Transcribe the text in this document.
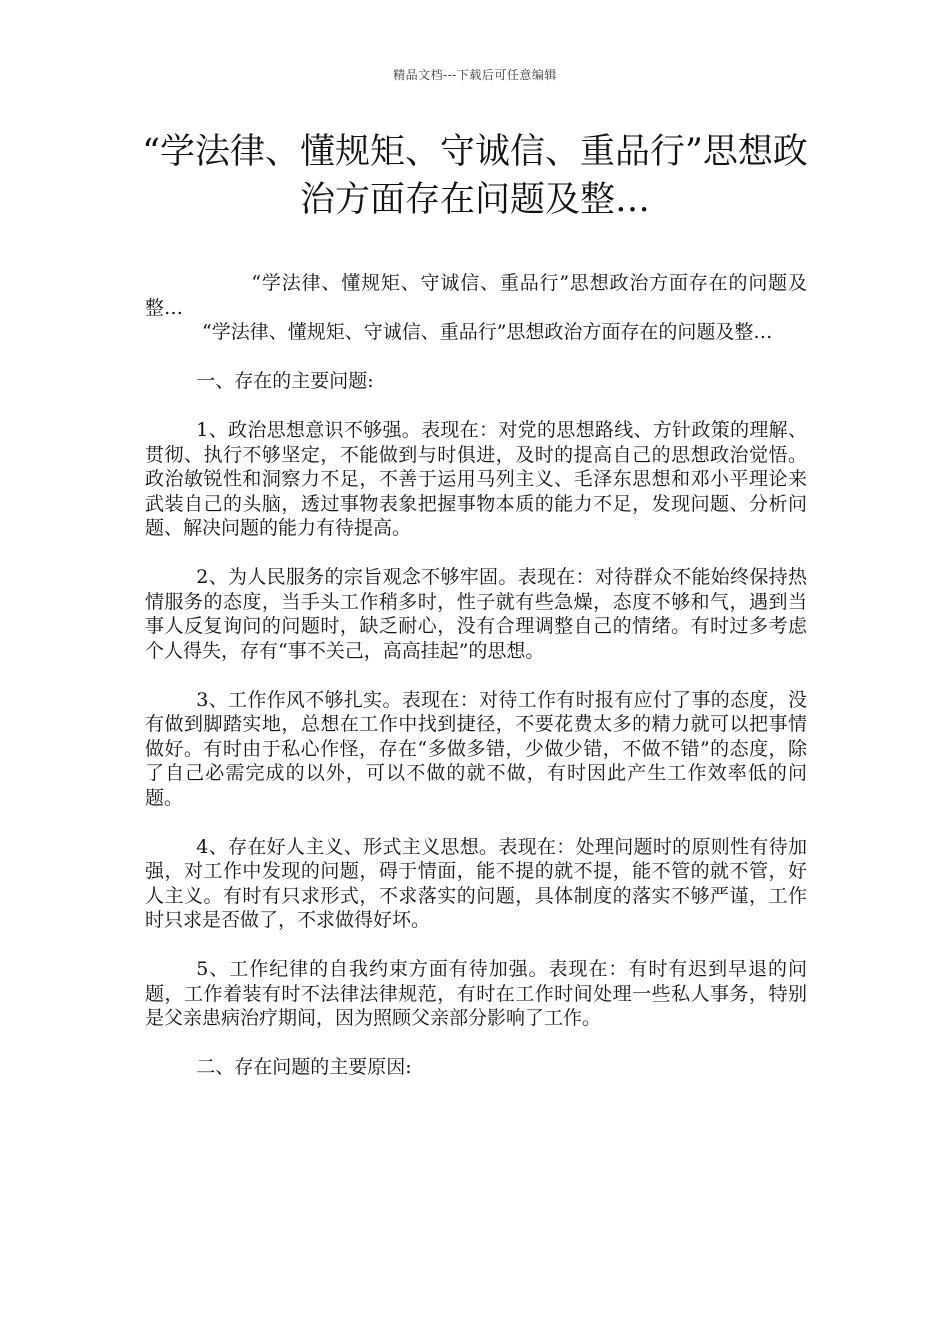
精品文档---下载后可任意编辑
“学法律、懂规矩、守诚信、重品行”思想政治方面存在问题及整…

“学法律、懂规矩、守诚信、重品行”思想政治方面存在的问题及整…

“学法律、懂规矩、守诚信、重品行”思想政治方面存在的问题及整…

一、存在的主要问题:

1、政治思想意识不够强。表现在：对党的思想路线、方针政策的理解、贯彻、执行不够坚定，不能做到与时俱进，及时的提高自己的思想政治觉悟。政治敏锐性和洞察力不足，不善于运用马列主义、毛泽东思想和邓小平理论来武装自己的头脑，透过事物表象把握事物本质的能力不足，发现问题、分析问题、解决问题的能力有待提高。

2、为人民服务的宗旨观念不够牢固。表现在：对待群众不能始终保持热情服务的态度，当手头工作稍多时，性子就有些急燥，态度不够和气，遇到当事人反复询问的问题时，缺乏耐心，没有合理调整自己的情绪。有时过多考虑个人得失，存有“事不关己，高高挂起”的思想。

3、工作作风不够扎实。表现在：对待工作有时报有应付了事的态度，没有做到脚踏实地，总想在工作中找到捷径，不要花费太多的精力就可以把事情做好。有时由于私心作怪，存在“多做多错，少做少错，不做不错”的态度，除了自己必需完成的以外，可以不做的就不做，有时因此产生工作效率低的问题。

4、存在好人主义、形式主义思想。表现在：处理问题时的原则性有待加强，对工作中发现的问题，碍于情面，能不提的就不提，能不管的就不管，好人主义。有时有只求形式，不求落实的问题，具体制度的落实不够严谨，工作时只求是否做了，不求做得好坏。

5、工作纪律的自我约束方面有待加强。表现在：有时有迟到早退的问题，工作着装有时不法律法律规范，有时在工作时间处理一些私人事务，特别是父亲患病治疗期间，因为照顾父亲部分影响了工作。

二、存在问题的主要原因:
